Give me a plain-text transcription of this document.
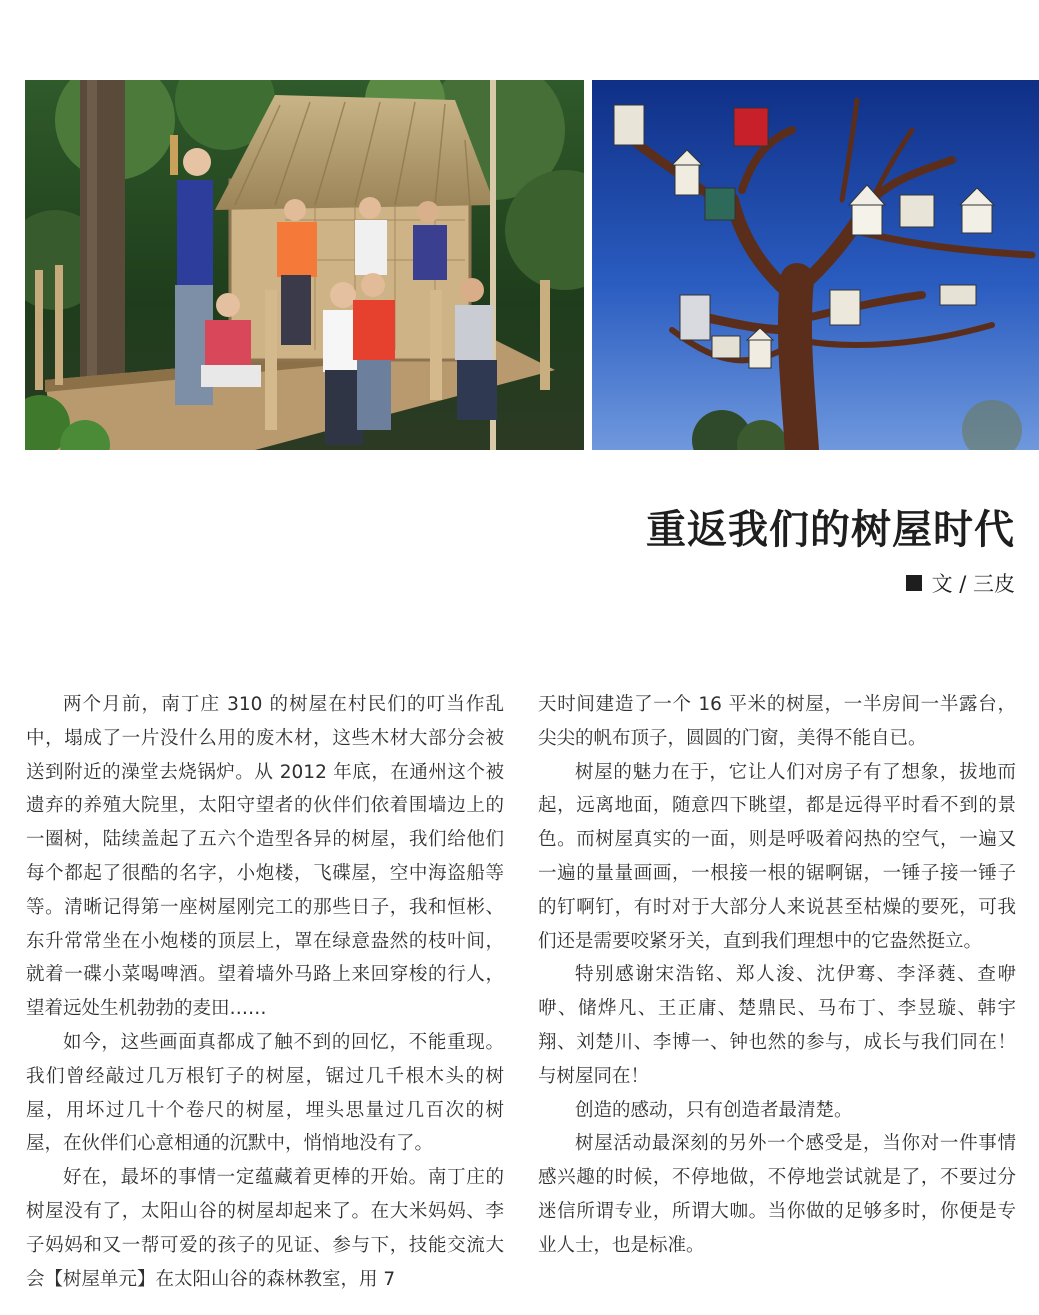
重返我们的树屋时代
文 / 三皮

两个月前，南丁庄 310 的树屋在村民们的叮当作乱中，塌成了一片没什么用的废木材，这些木材大部分会被送到附近的澡堂去烧锅炉。从 2012 年底，在通州这个被遗弃的养殖大院里，太阳守望者的伙伴们依着围墙边上的一圈树，陆续盖起了五六个造型各异的树屋，我们给他们每个都起了很酷的名字，小炮楼，飞碟屋，空中海盗船等等。清晰记得第一座树屋刚完工的那些日子，我和恒彬、东升常常坐在小炮楼的顶层上，罩在绿意盎然的枝叶间，就着一碟小菜喝啤酒。望着墙外马路上来回穿梭的行人，望着远处生机勃勃的麦田……

如今，这些画面真都成了触不到的回忆，不能重现。我们曾经敲过几万根钉子的树屋，锯过几千根木头的树屋，用坏过几十个卷尺的树屋，埋头思量过几百次的树屋，在伙伴们心意相通的沉默中，悄悄地没有了。

好在，最坏的事情一定蕴藏着更棒的开始。南丁庄的树屋没有了，太阳山谷的树屋却起来了。在大米妈妈、李子妈妈和又一帮可爱的孩子的见证、参与下，技能交流大会【树屋单元】在太阳山谷的森林教室，用 7

天时间建造了一个 16 平米的树屋，一半房间一半露台，尖尖的帆布顶子，圆圆的门窗，美得不能自已。

树屋的魅力在于，它让人们对房子有了想象，拔地而起，远离地面，随意四下眺望，都是远得平时看不到的景色。而树屋真实的一面，则是呼吸着闷热的空气，一遍又一遍的量量画画，一根接一根的锯啊锯，一锤子接一锤子的钉啊钉，有时对于大部分人来说甚至枯燥的要死，可我们还是需要咬紧牙关，直到我们理想中的它盎然挺立。

特别感谢宋浩铭、郑人浚、沈伊骞、李泽蕤、查咿咿、储烨凡、王正庸、楚鼎民、马布丁、李昱璇、韩宇翔、刘楚川、李博一、钟也然的参与，成长与我们同在！与树屋同在！

创造的感动，只有创造者最清楚。

树屋活动最深刻的另外一个感受是，当你对一件事情感兴趣的时候，不停地做，不停地尝试就是了，不要过分迷信所谓专业，所谓大咖。当你做的足够多时，你便是专业人士，也是标准。
